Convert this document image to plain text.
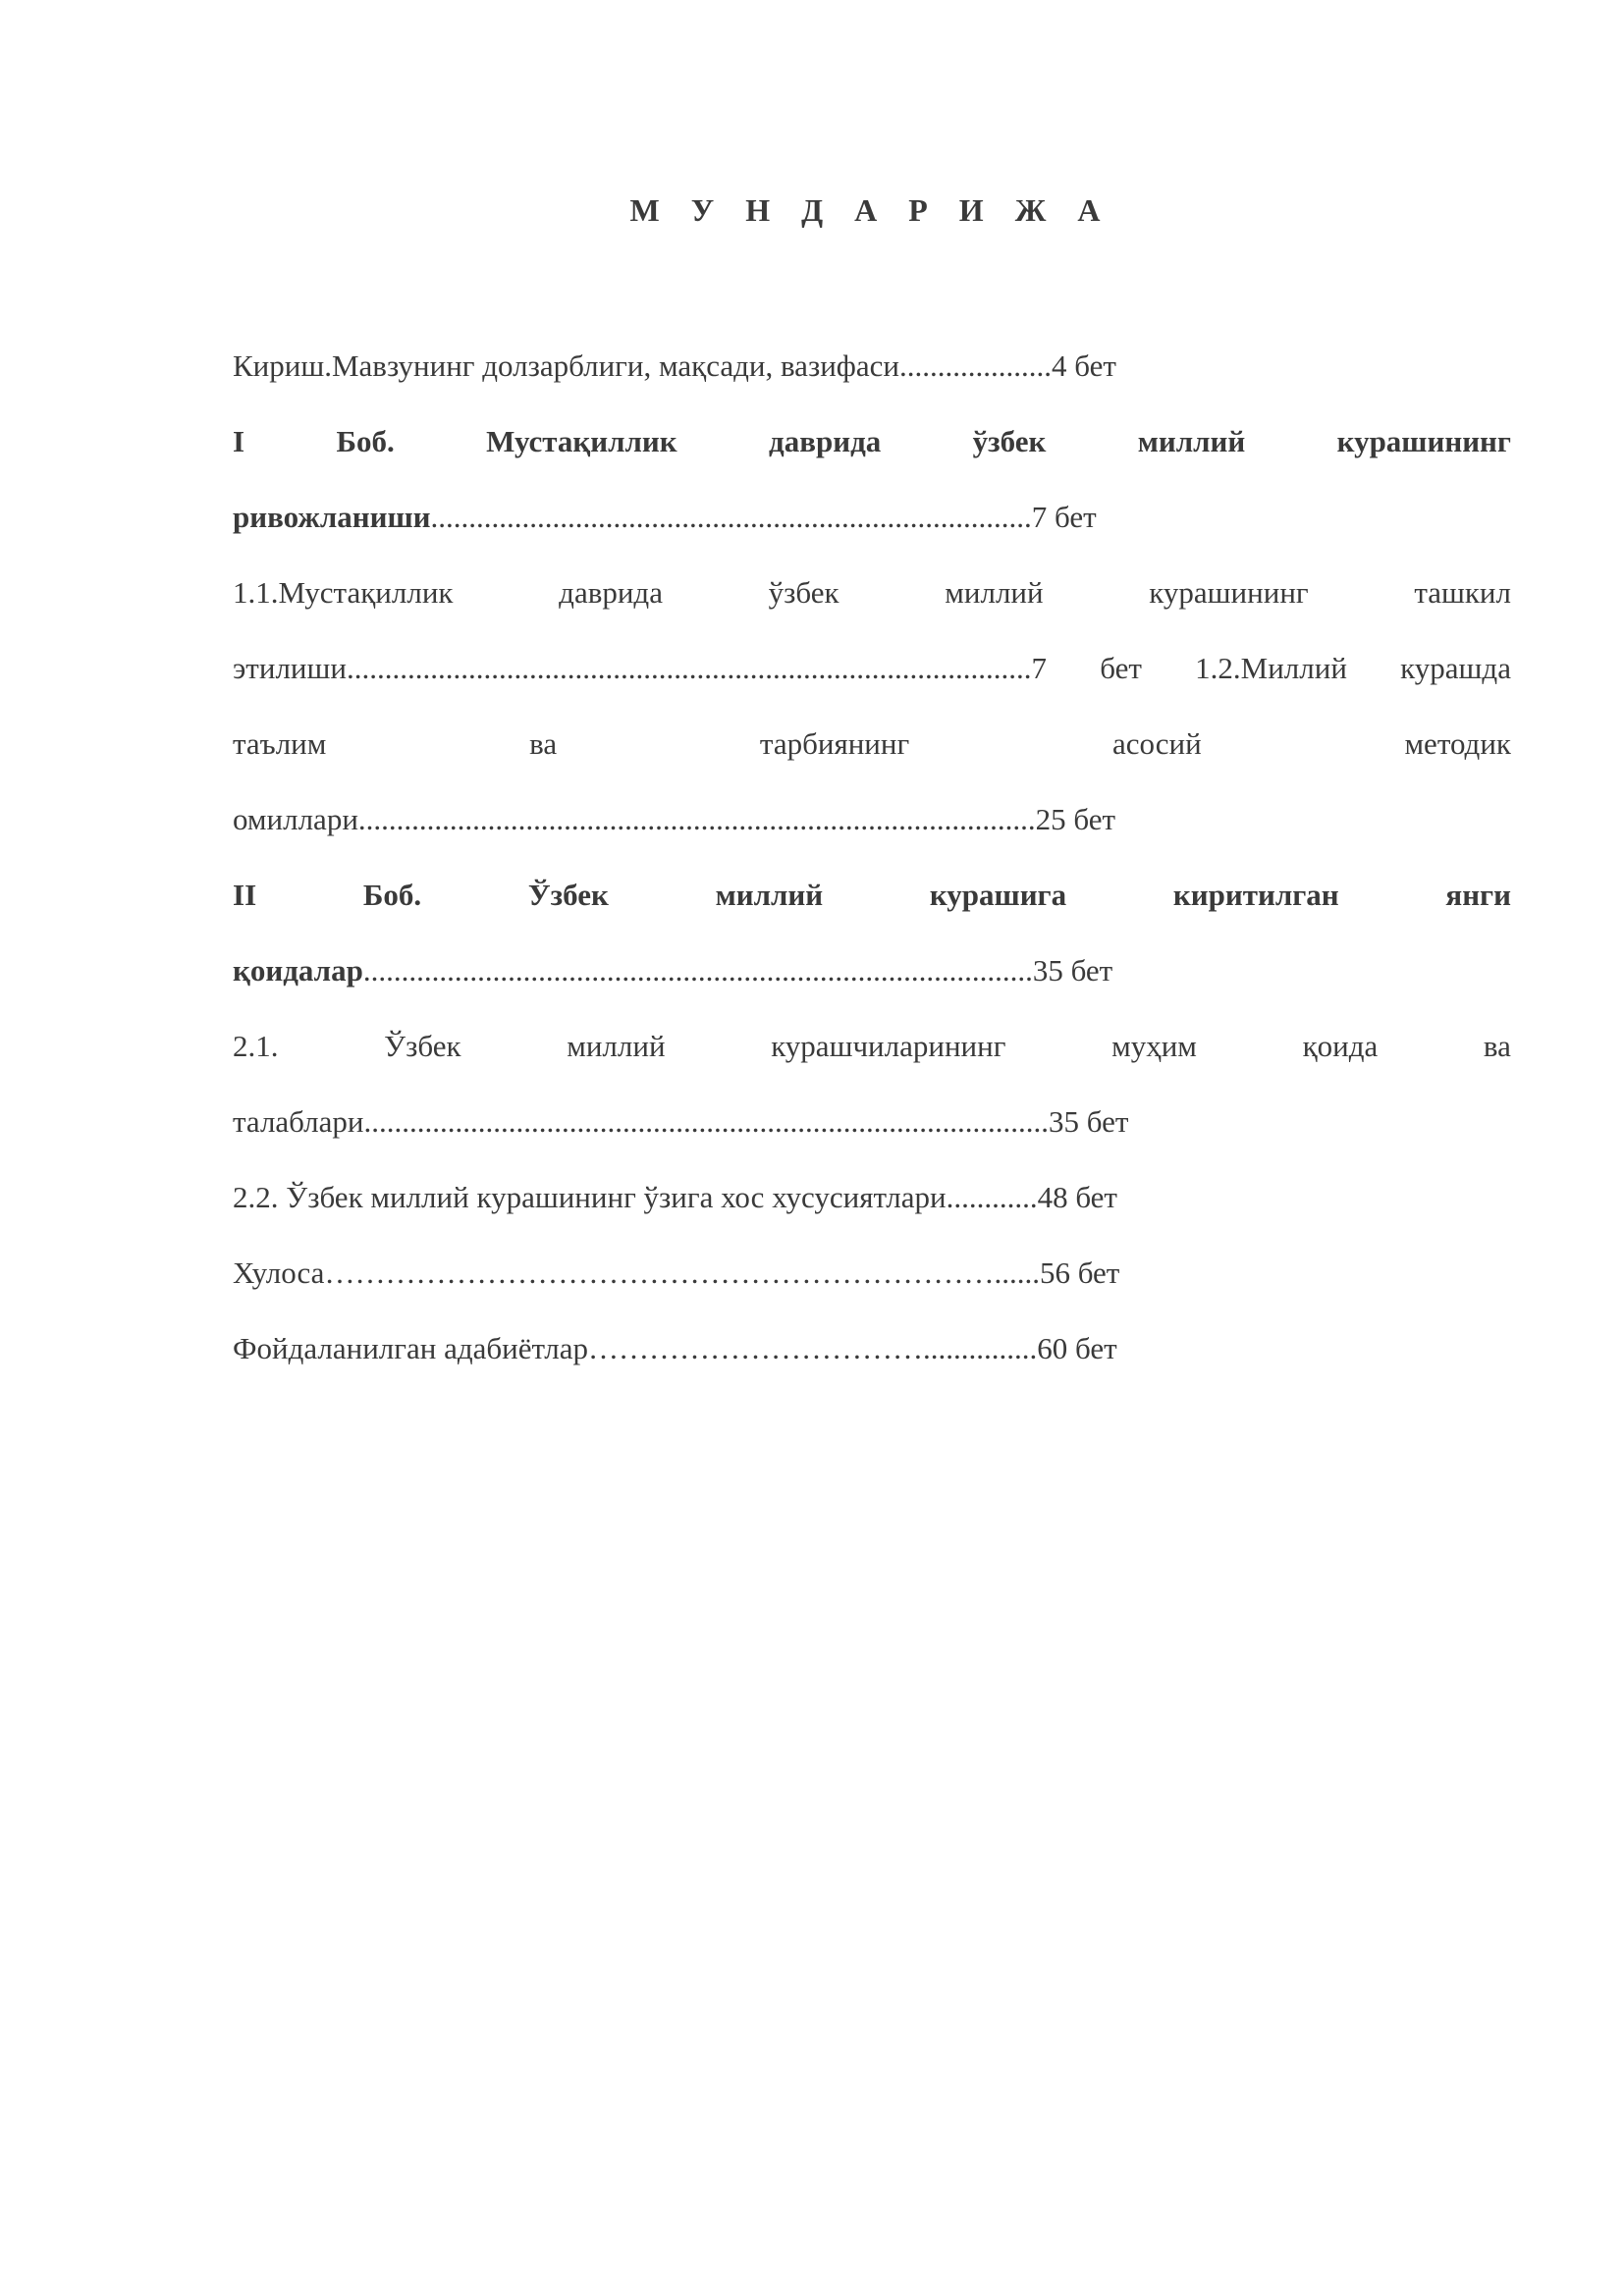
М У Н Д А Р И Ж А
Кириш.Мавзунинг долзарблиги, мақсади, вазифаси....................4 бет
I	Боб.	Мустақиллик	даврида	ўзбек	миллий	курашининг
ривожланиши...............................................................................7 бет
1.1.Мустақиллик	даврида	ўзбек	миллий	курашининг	ташкил
этилиши..........................................................................................7 бет 1.2.Миллий курашда
таълим	ва	тарбиянинг	асосий	методик
омиллари.........................................................................................25 бет
II	Боб.	Ўзбек	миллий	курашига	киритилган	янги
қоидалар........................................................................................35 бет
2.1.	Ўзбек	миллий	курашчиларининг	муҳим	қоида	ва
талаблари..........................................................................................35 бет
2.2. Ўзбек миллий курашининг ўзига хос хусусиятлари............48 бет
Хулоса…………………………………………………………......56 бет
Фойдаланилган адабиётлар……………………………...............60 бет
